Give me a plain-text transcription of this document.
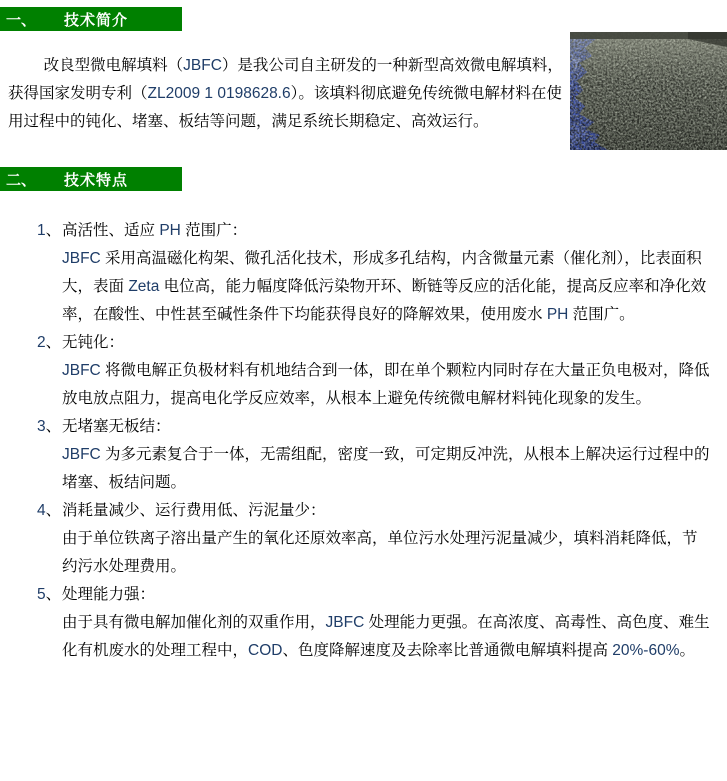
一、 技术简介

改良型微电解填料（JBFC）是我公司自主研发的一种新型高效微电解填料，获得国家发明专利（ZL2009 1 0198628.6）。该填料彻底避免传统微电解材料在使用过程中的钝化、堵塞、板结等问题，满足系统长期稳定、高效运行。

二、 技术特点
1、 高活性、适应 PH 范围广：
JBFC 采用高温磁化构架、微孔活化技术，形成多孔结构，内含微量元素（催化剂），比表面积大，表面 Zeta 电位高，能力幅度降低污染物开环、断链等反应的活化能，提高反应率和净化效率，在酸性、中性甚至碱性条件下均能获得良好的降解效果，使用废水 PH 范围广。
2、 无钝化：
JBFC 将微电解正负极材料有机地结合到一体，即在单个颗粒内同时存在大量正负电极对，降低放电放点阻力，提高电化学反应效率，从根本上避免传统微电解材料钝化现象的发生。
3、 无堵塞无板结：
JBFC 为多元素复合于一体，无需组配，密度一致，可定期反冲洗，从根本上解决运行过程中的堵塞、板结问题。
4、 消耗量减少、运行费用低、污泥量少：
由于单位铁离子溶出量产生的氧化还原效率高，单位污水处理污泥量减少，填料消耗降低，节约污水处理费用。
5、 处理能力强：
由于具有微电解加催化剂的双重作用，JBFC 处理能力更强。在高浓度、高毒性、高色度、难生化有机废水的处理工程中，COD、色度降解速度及去除率比普通微电解填料提高 20%-60%。
